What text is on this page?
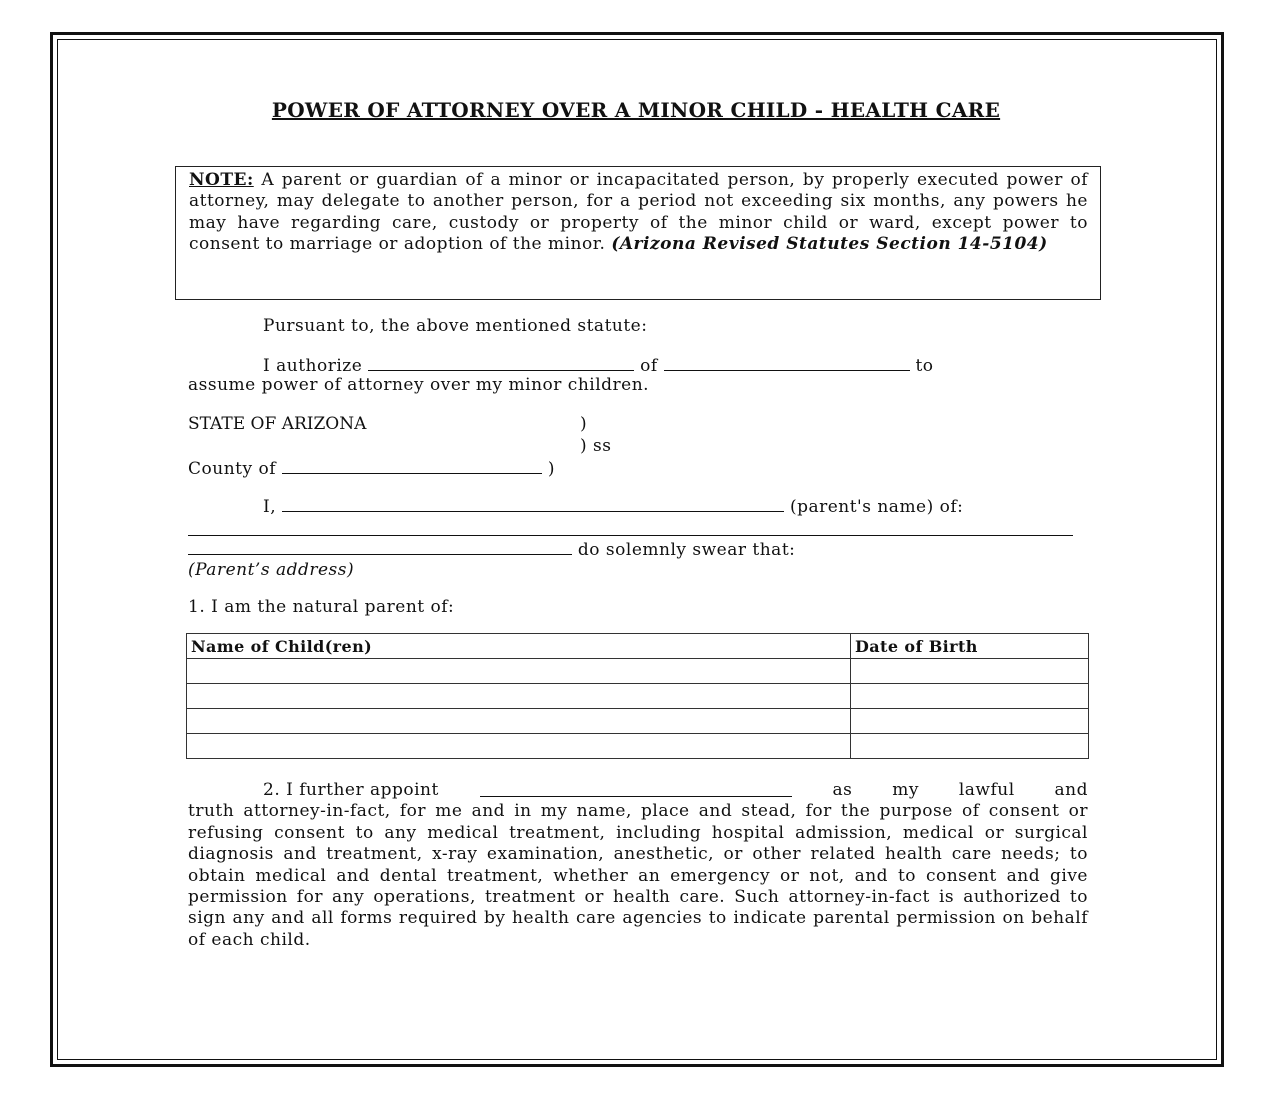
POWER OF ATTORNEY OVER A MINOR CHILD - HEALTH CARE
NOTE: A parent or guardian of a minor or incapacitated person, by properly executed power of attorney, may delegate to another person, for a period not exceeding six months, any powers he may have regarding care, custody or property of the minor child or ward, except power to consent to marriage or adoption of the minor. (Arizona Revised Statutes Section 14-5104)
Pursuant to, the above mentioned statute:
I authorize	of	to
assume power of attorney over my minor children.
STATE OF ARIZONA	)
) ss
County of	)
I,	(parent's name) of:
do solemnly swear that:
(Parent’s address)
1. I am the natural parent of:
Name of Child(ren)	Date of Birth

2. I further appoint	as my lawful and
truth attorney-in-fact, for me and in my name, place and stead, for the purpose of consent or refusing consent to any medical treatment, including hospital admission, medical or surgical diagnosis and treatment, x-ray examination, anesthetic, or other related health care needs; to obtain medical and dental treatment, whether an emergency or not, and to consent and give permission for any operations, treatment or health care. Such attorney-in-fact is authorized to sign any and all forms required by health care agencies to indicate parental permission on behalf of each child.
